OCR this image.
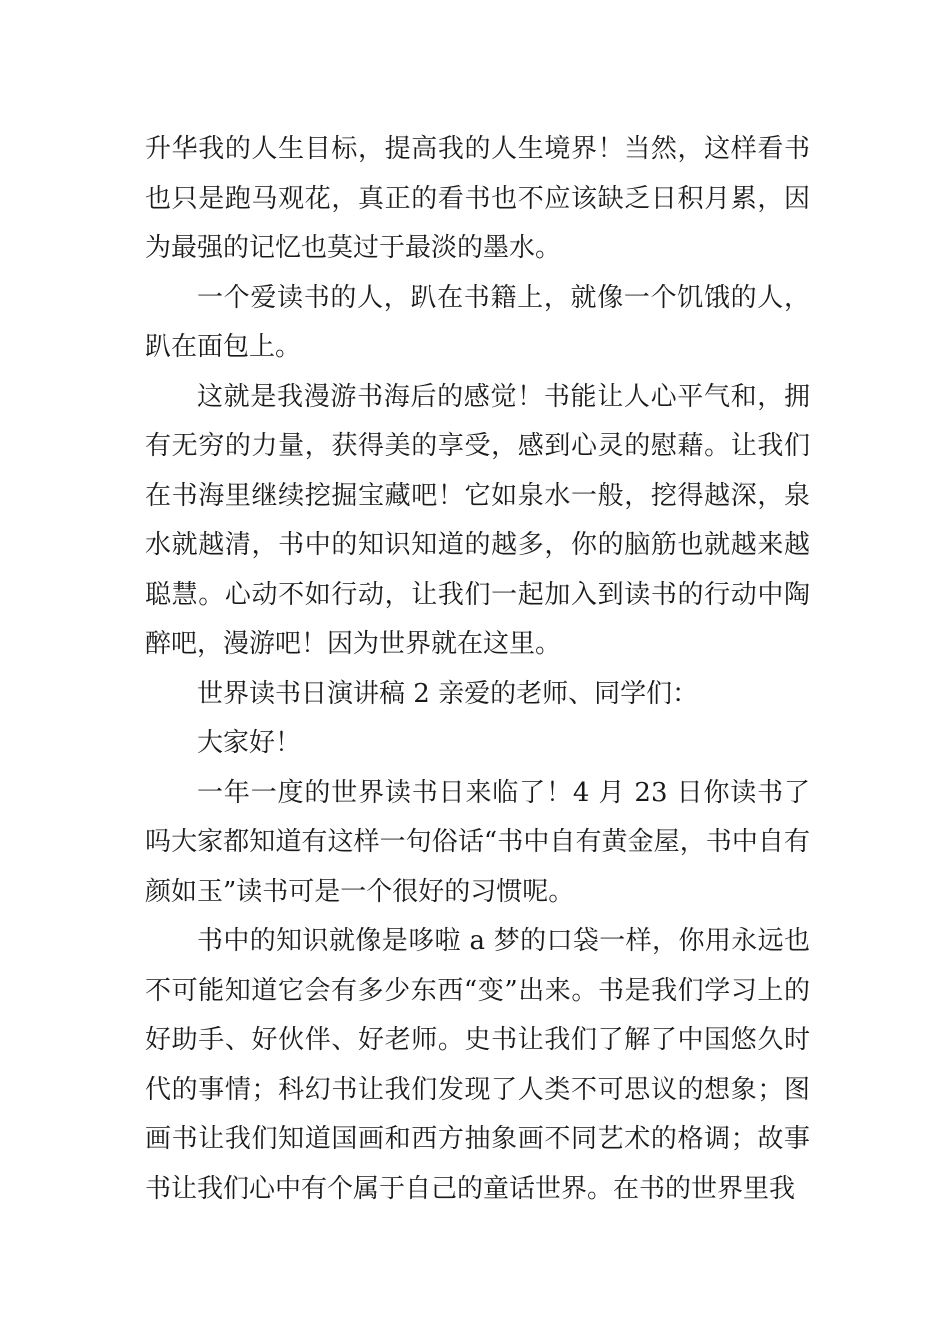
升华我的人生目标，提高我的人生境界！当然，这样看书也只是跑马观花，真正的看书也不应该缺乏日积月累，因为最强的记忆也莫过于最淡的墨水。

一个爱读书的人，趴在书籍上，就像一个饥饿的人，趴在面包上。

这就是我漫游书海后的感觉！书能让人心平气和，拥有无穷的力量，获得美的享受，感到心灵的慰藉。让我们在书海里继续挖掘宝藏吧！它如泉水一般，挖得越深，泉水就越清，书中的知识知道的越多，你的脑筋也就越来越聪慧。心动不如行动，让我们一起加入到读书的行动中陶醉吧，漫游吧！因为世界就在这里。

世界读书日演讲稿 2 亲爱的老师、同学们：

大家好！

一年一度的世界读书日来临了！4 月 23 日你读书了吗大家都知道有这样一句俗话“书中自有黄金屋，书中自有颜如玉”读书可是一个很好的习惯呢。

书中的知识就像是哆啦 a 梦的口袋一样，你用永远也不可能知道它会有多少东西“变”出来。书是我们学习上的好助手、好伙伴、好老师。史书让我们了解了中国悠久时代的事情；科幻书让我们发现了人类不可思议的想象；图画书让我们知道国画和西方抽象画不同艺术的格调；故事书让我们心中有个属于自己的童话世界。在书的世界里我
